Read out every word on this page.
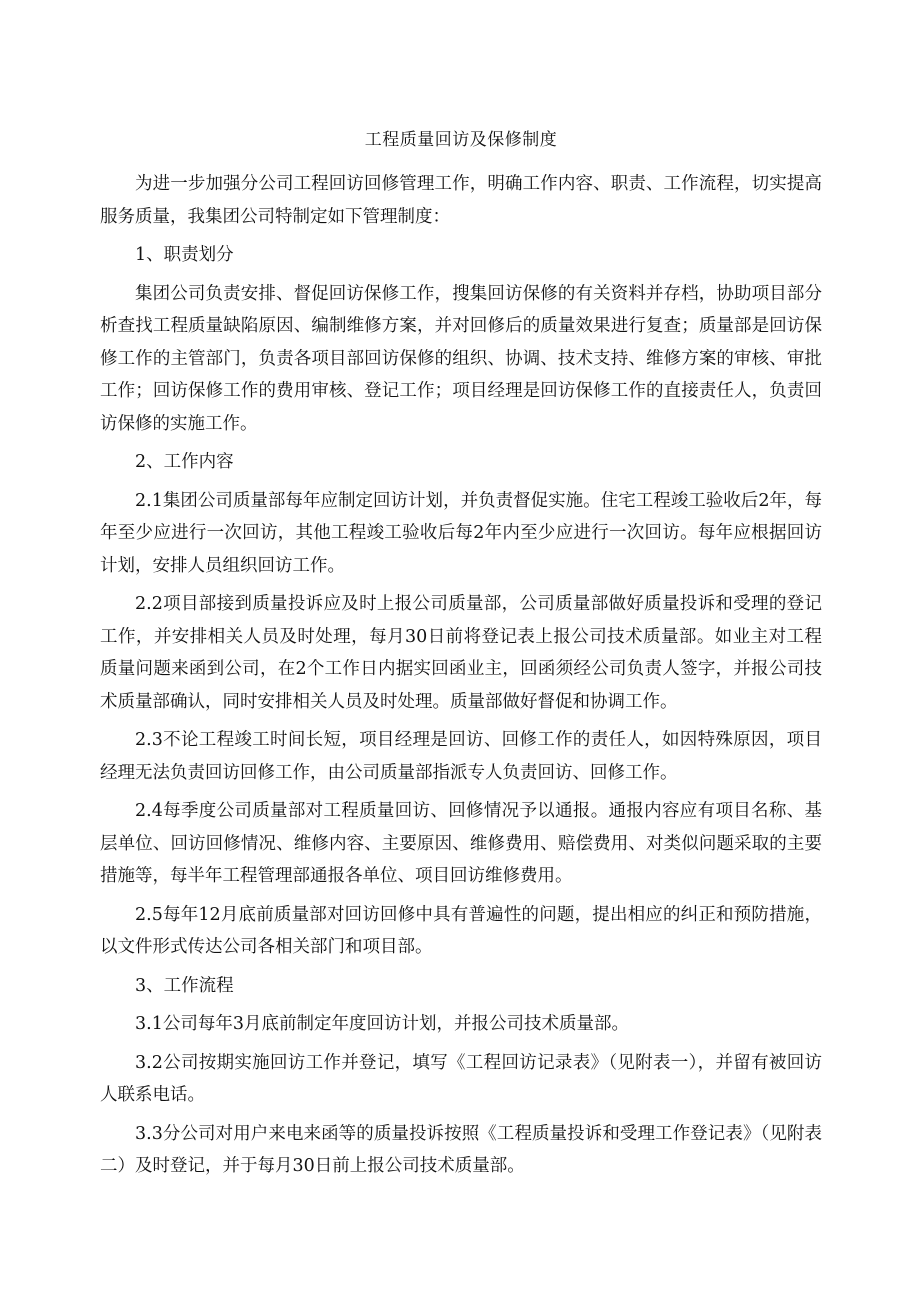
工程质量回访及保修制度

为进一步加强分公司工程回访回修管理工作，明确工作内容、职责、工作流程，切实提高服务质量，我集团公司特制定如下管理制度：

1、职责划分

集团公司负责安排、督促回访保修工作，搜集回访保修的有关资料并存档，协助项目部分析查找工程质量缺陷原因、编制维修方案，并对回修后的质量效果进行复查；质量部是回访保修工作的主管部门，负责各项目部回访保修的组织、协调、技术支持、维修方案的审核、审批工作；回访保修工作的费用审核、登记工作；项目经理是回访保修工作的直接责任人，负责回访保修的实施工作。

2、工作内容

2.1集团公司质量部每年应制定回访计划，并负责督促实施。住宅工程竣工验收后2年，每年至少应进行一次回访，其他工程竣工验收后每2年内至少应进行一次回访。每年应根据回访计划，安排人员组织回访工作。

2.2项目部接到质量投诉应及时上报公司质量部，公司质量部做好质量投诉和受理的登记工作，并安排相关人员及时处理，每月30日前将登记表上报公司技术质量部。如业主对工程质量问题来函到公司，在2个工作日内据实回函业主，回函须经公司负责人签字，并报公司技术质量部确认，同时安排相关人员及时处理。质量部做好督促和协调工作。

2.3不论工程竣工时间长短，项目经理是回访、回修工作的责任人，如因特殊原因，项目经理无法负责回访回修工作，由公司质量部指派专人负责回访、回修工作。

2.4每季度公司质量部对工程质量回访、回修情况予以通报。通报内容应有项目名称、基层单位、回访回修情况、维修内容、主要原因、维修费用、赔偿费用、对类似问题采取的主要措施等，每半年工程管理部通报各单位、项目回访维修费用。

2.5每年12月底前质量部对回访回修中具有普遍性的问题，提出相应的纠正和预防措施，以文件形式传达公司各相关部门和项目部。

3、工作流程

3.1公司每年3月底前制定年度回访计划，并报公司技术质量部。

3.2公司按期实施回访工作并登记，填写《工程回访记录表》（见附表一），并留有被回访人联系电话。

3.3分公司对用户来电来函等的质量投诉按照《工程质量投诉和受理工作登记表》（见附表二）及时登记，并于每月30日前上报公司技术质量部。
